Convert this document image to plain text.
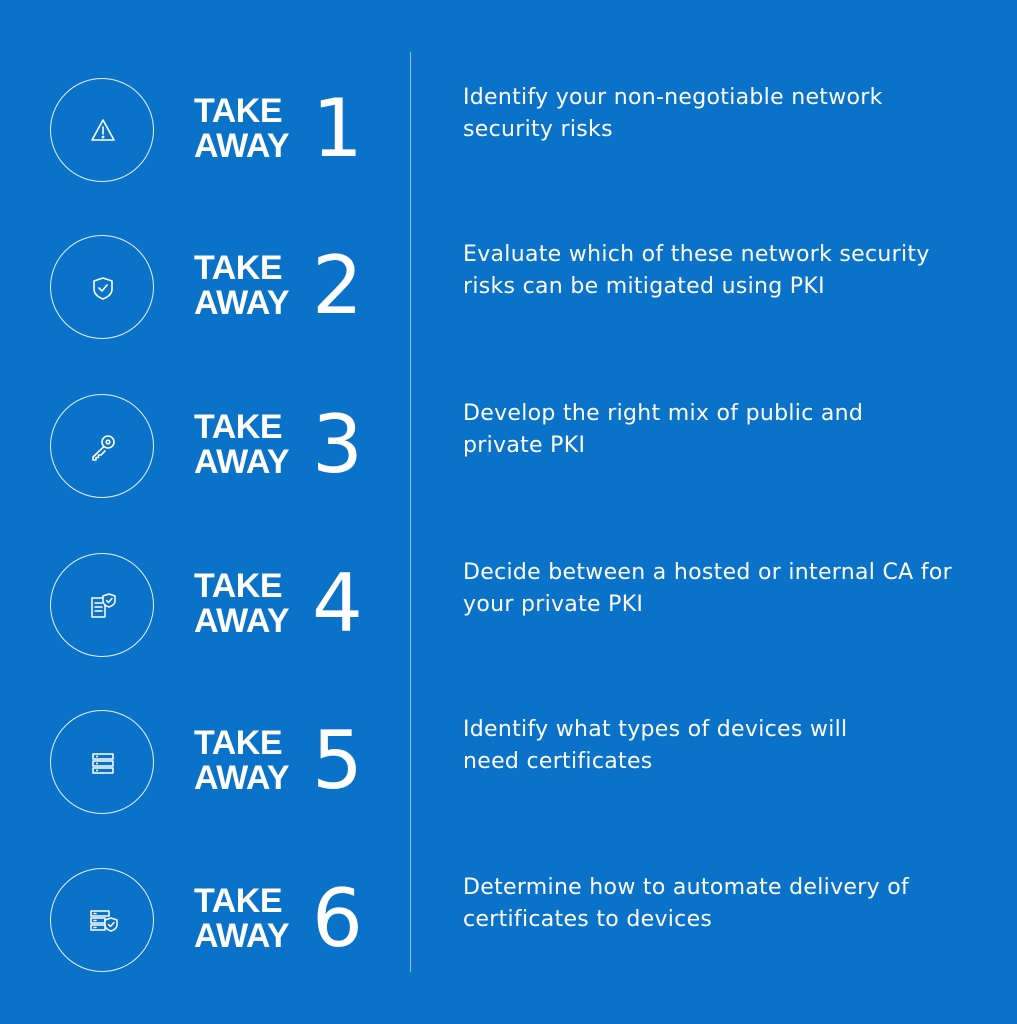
TAKE
AWAY 1	Identify your non-negotiable network security risks
TAKE
AWAY 2	Evaluate which of these network security risks can be mitigated using PKI
TAKE
AWAY 3	Develop the right mix of public and private PKI
TAKE
AWAY 4	Decide between a hosted or internal CA for your private PKI
TAKE
AWAY 5	Identify what types of devices will need certificates
TAKE
AWAY 6	Determine how to automate delivery of certificates to devices
